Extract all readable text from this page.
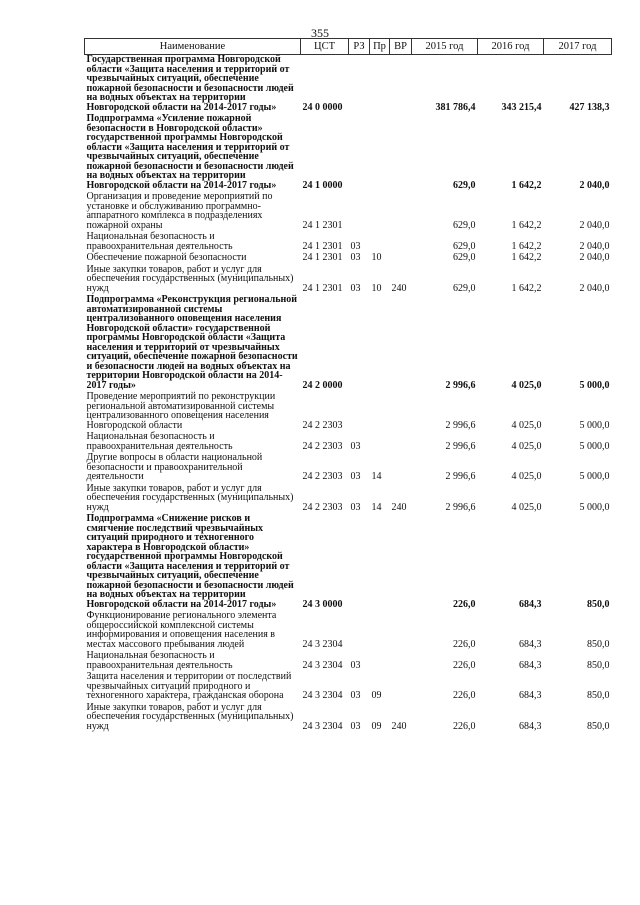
355
Наименование	ЦСТ	РЗ	Пр	ВР	2015 год	2016 год	2017 год
Государственная программа Новгородской области «Защита населения и территорий от чрезвычайных ситуаций, обеспечение пожарной безопасности и безопасности людей на водных объектах на территории Новгородской области на 2014-2017 годы»	24 0 0000				381 786,4	343 215,4	427 138,3
Подпрограмма «Усиление пожарной безопасности в Новгородской области» государственной программы Новгородской области «Защита населения и территорий от чрезвычайных ситуаций, обеспечение пожарной безопасности и безопасности людей на водных объектах на территории Новгородской области на 2014-2017 годы»	24 1 0000				629,0	1 642,2	2 040,0
Организация и проведение мероприятий по установке и обслуживанию программно-аппаратного комплекса в подразделениях пожарной охраны	24 1 2301				629,0	1 642,2	2 040,0
Национальная безопасность и правоохранительная деятельность	24 1 2301	03			629,0	1 642,2	2 040,0
Обеспечение пожарной безопасности	24 1 2301	03	10		629,0	1 642,2	2 040,0
Иные закупки товаров, работ и услуг для обеспечения государственных (муниципальных) нужд	24 1 2301	03	10	240	629,0	1 642,2	2 040,0
Подпрограмма «Реконструкция региональной автоматизированной системы централизованного оповещения населения Новгородской области» государственной программы Новгородской области «Защита населения и территорий от чрезвычайных ситуаций, обеспечение пожарной безопасности и безопасности людей на водных объектах на территории Новгородской области на 2014-2017 годы»	24 2 0000				2 996,6	4 025,0	5 000,0
Проведение мероприятий по реконструкции региональной автоматизированной системы централизованного оповещения населения Новгородской области	24 2 2303				2 996,6	4 025,0	5 000,0
Национальная безопасность и правоохранительная деятельность	24 2 2303	03			2 996,6	4 025,0	5 000,0
Другие вопросы в области национальной безопасности и правоохранительной деятельности	24 2 2303	03	14		2 996,6	4 025,0	5 000,0
Иные закупки товаров, работ и услуг для обеспечения государственных (муниципальных) нужд	24 2 2303	03	14	240	2 996,6	4 025,0	5 000,0
Подпрограмма «Снижение рисков и смягчение последствий чрезвычайных ситуаций природного и техногенного характера в Новгородской области» государственной программы Новгородской области «Защита населения и территорий от чрезвычайных ситуаций, обеспечение пожарной безопасности и безопасности людей на водных объектах на территории Новгородской области на 2014-2017 годы»	24 3 0000				226,0	684,3	850,0
Функционирование регионального элемента общероссийской комплексной системы информирования и оповещения населения в местах массового пребывания людей	24 3 2304				226,0	684,3	850,0
Национальная безопасность и правоохранительная деятельность	24 3 2304	03			226,0	684,3	850,0
Защита населения и территории от последствий чрезвычайных ситуаций природного и техногенного характера, гражданская оборона	24 3 2304	03	09		226,0	684,3	850,0
Иные закупки товаров, работ и услуг для обеспечения государственных (муниципальных) нужд	24 3 2304	03	09	240	226,0	684,3	850,0
